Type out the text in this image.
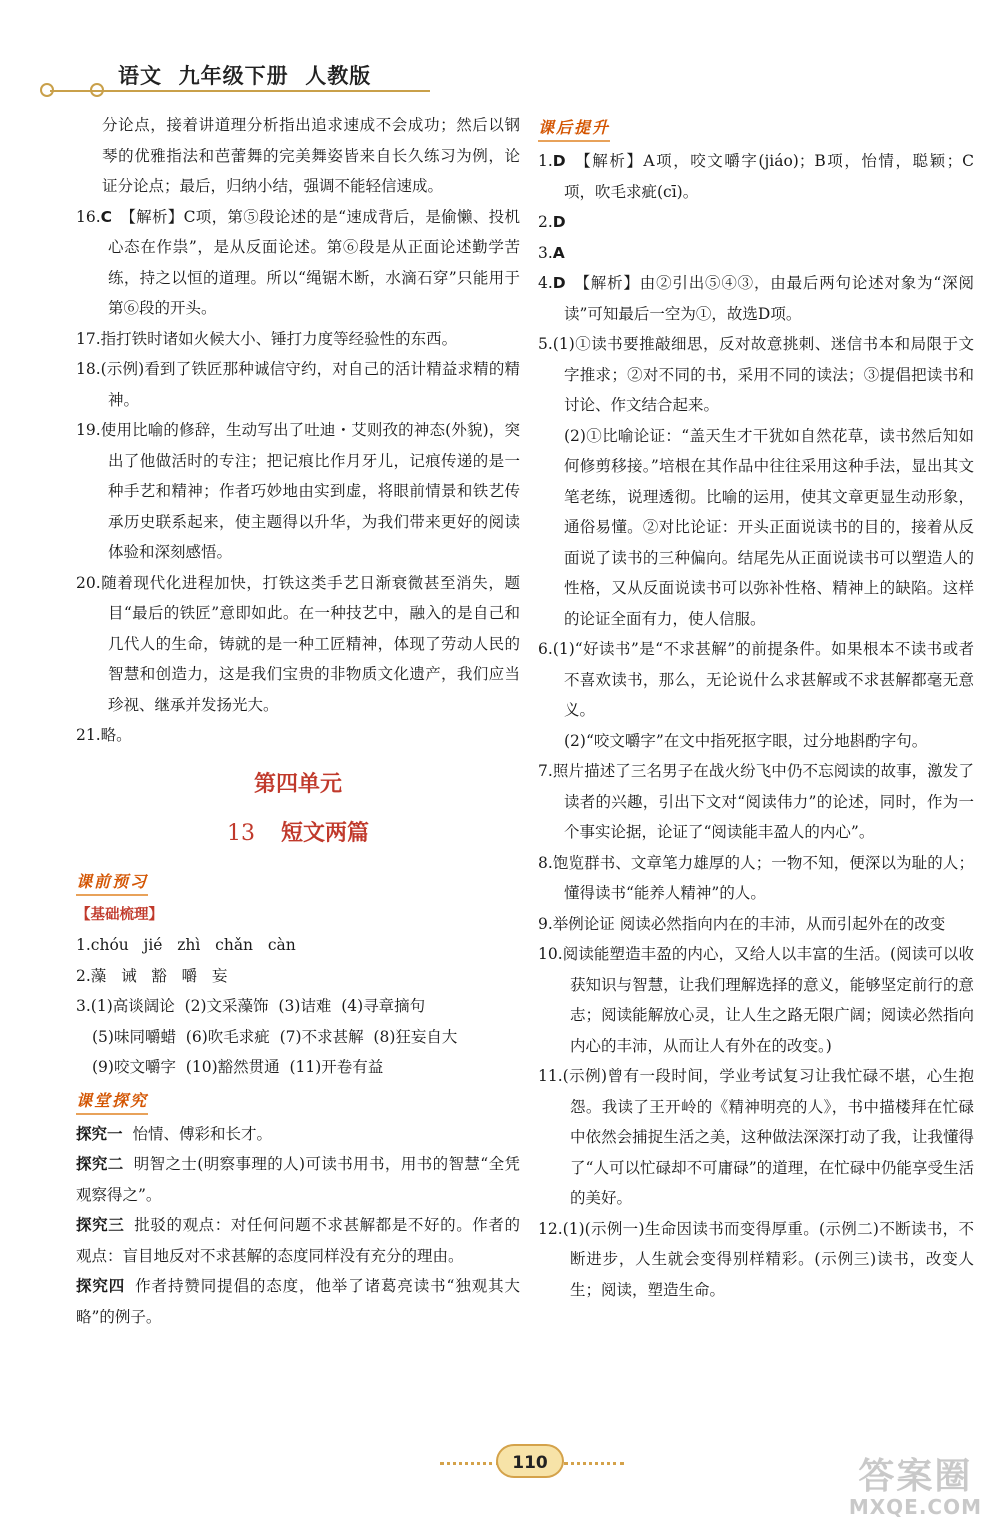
语文  九年级下册  人教版

分论点，接着讲道理分析指出追求速成不会成功；然后以钢琴的优雅指法和芭蕾舞的完美舞姿皆来自长久练习为例，论证分论点；最后，归纳小结，强调不能轻信速成。

16.C 【解析】C项，第⑤段论述的是“速成背后，是偷懒、投机心态在作祟”，是从反面论述。第⑥段是从正面论述勤学苦练，持之以恒的道理。所以“绳锯木断，水滴石穿”只能用于第⑥段的开头。

17.指打铁时诸如火候大小、锤打力度等经验性的东西。

18.(示例)看到了铁匠那种诚信守约，对自己的活计精益求精的精神。

19.使用比喻的修辞，生动写出了吐迪・艾则孜的神态(外貌)，突出了他做活时的专注；把记痕比作月牙儿，记痕传递的是一种手艺和精神；作者巧妙地由实到虚，将眼前情景和铁艺传承历史联系起来，使主题得以升华，为我们带来更好的阅读体验和深刻感悟。

20.随着现代化进程加快，打铁这类手艺日渐衰微甚至消失，题目“最后的铁匠”意即如此。在一种技艺中，融入的是自己和几代人的生命，铸就的是一种工匠精神，体现了劳动人民的智慧和创造力，这是我们宝贵的非物质文化遗产，我们应当珍视、继承并发扬光大。

21.略。

第四单元
13 短文两篇
课前预习
【基础梳理】

1.chóu   jié   zhì   chǎn   càn

2.藻   诫   豁   嚼   妄

3.(1)高谈阔论  (2)文采藻饰  (3)诘难  (4)寻章摘句

(5)味同嚼蜡  (6)吹毛求疵  (7)不求甚解  (8)狂妄自大

(9)咬文嚼字  (10)豁然贯通  (11)开卷有益

课堂探究

探究一 怡情、傅彩和长才。

探究二 明智之士(明察事理的人)可读书用书，用书的智慧“全凭观察得之”。

探究三 批驳的观点：对任何问题不求甚解都是不好的。作者的观点：盲目地反对不求甚解的态度同样没有充分的理由。

探究四 作者持赞同提倡的态度，他举了诸葛亮读书“独观其大略”的例子。

课后提升

1.D 【解析】A项，咬文嚼字(jiáo)；B项，怡情，聪颖；C项，吹毛求疵(cī)。

2.D

3.A

4.D 【解析】由②引出⑤④③，由最后两句论述对象为“深阅读”可知最后一空为①，故选D项。

5.(1)①读书要推敲细思，反对故意挑刺、迷信书本和局限于文字推求；②对不同的书，采用不同的读法；③提倡把读书和讨论、作文结合起来。

(2)①比喻论证：“盖天生才干犹如自然花草，读书然后知如何修剪移接。”培根在其作品中往往采用这种手法，显出其文笔老练，说理透彻。比喻的运用，使其文章更显生动形象，通俗易懂。②对比论证：开头正面说读书的目的，接着从反面说了读书的三种偏向。结尾先从正面说读书可以塑造人的性格，又从反面说读书可以弥补性格、精神上的缺陷。这样的论证全面有力，使人信服。

6.(1)“好读书”是“不求甚解”的前提条件。如果根本不读书或者不喜欢读书，那么，无论说什么求甚解或不求甚解都毫无意义。

(2)“咬文嚼字”在文中指死抠字眼，过分地斟酌字句。

7.照片描述了三名男子在战火纷飞中仍不忘阅读的故事，激发了读者的兴趣，引出下文对“阅读伟力”的论述，同时，作为一个事实论据，论证了“阅读能丰盈人的内心”。

8.饱览群书、文章笔力雄厚的人；一物不知，便深以为耻的人；懂得读书“能养人精神”的人。

9.举例论证 阅读必然指向内在的丰沛，从而引起外在的改变

10.阅读能塑造丰盈的内心，又给人以丰富的生活。(阅读可以收获知识与智慧，让我们理解选择的意义，能够坚定前行的意志；阅读能解放心灵，让人生之路无限广阔；阅读必然指向内心的丰沛，从而让人有外在的改变。)

11.(示例)曾有一段时间，学业考试复习让我忙碌不堪，心生抱怨。我读了王开岭的《精神明亮的人》，书中描楼拜在忙碌中依然会捕捉生活之美，这种做法深深打动了我，让我懂得了“人可以忙碌却不可庸碌”的道理，在忙碌中仍能享受生活的美好。

12.(1)(示例一)生命因读书而变得厚重。(示例二)不断读书，不断进步，人生就会变得别样精彩。(示例三)读书，改变人生；阅读，塑造生命。

110	答案圈
MXQE.COM
